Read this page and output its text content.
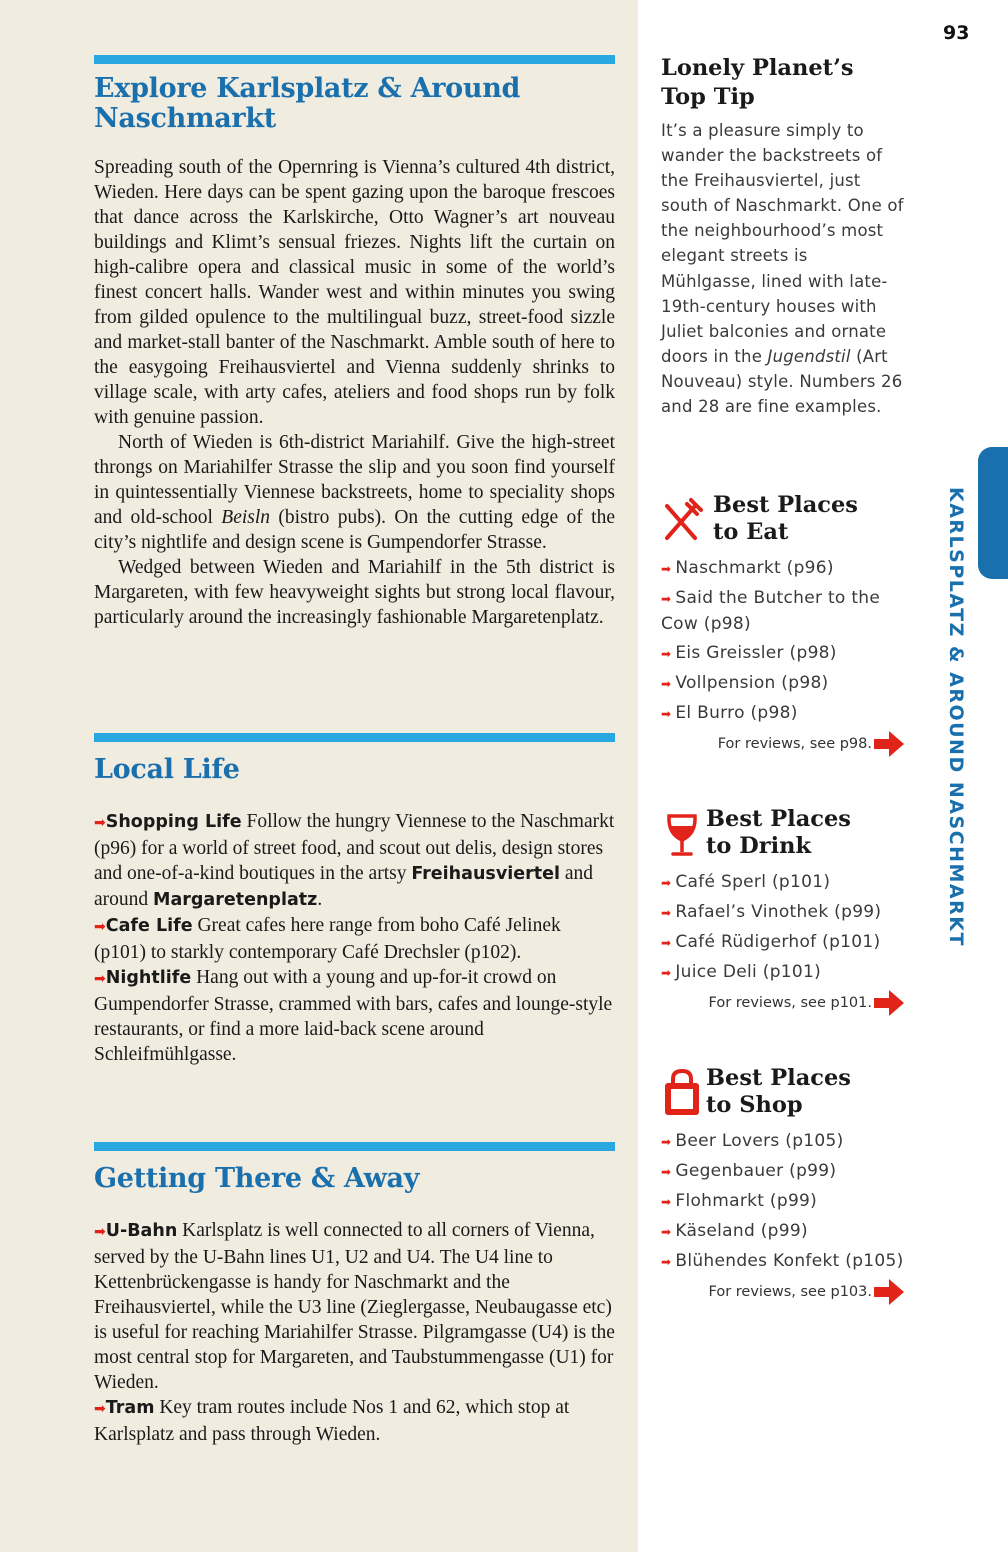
Explore Karlsplatz & Around
Naschmarkt

Spreading south of the Opernring is Vienna’s cultured 4th district, Wieden. Here days can be spent gazing upon the baroque frescoes that dance across the Karlskirche, Otto Wagner’s art nouveau buildings and Klimt’s sensual friezes. Nights lift the curtain on high-calibre opera and classical music in some of the world’s finest concert halls. Wander west and within minutes you swing from gilded opulence to the multilingual buzz, street-food sizzle and market-stall banter of the Naschmarkt. Amble south of here to the easygoing Freihausviertel and Vienna suddenly shrinks to village scale, with arty cafes, ateliers and food shops run by folk with genuine passion.

North of Wieden is 6th-district Mariahilf. Give the high-street throngs on Mariahilfer Strasse the slip and you soon find yourself in quintessentially Viennese backstreets, home to speciality shops and old-school Beisln (bistro pubs). On the cutting edge of the city’s nightlife and design scene is Gumpendorfer Strasse.

Wedged between Wieden and Mariahilf in the 5th district is Margareten, with few heavyweight sights but strong local flavour, particularly around the increasingly fashionable Margaretenplatz.

Local Life

➡Shopping Life Follow the hungry Viennese to the Naschmarkt (p96) for a world of street food, and scout out delis, design stores and one-of-a-kind boutiques in the artsy Freihausviertel and around Margaretenplatz.

➡Cafe Life Great cafes here range from boho Café Jelinek (p101) to starkly contemporary Café Drechsler (p102).

➡Nightlife Hang out with a young and up-for-it crowd on Gumpendorfer Strasse, crammed with bars, cafes and lounge-style restaurants, or find a more laid-back scene around Schleifmühlgasse.

Getting There & Away

➡U-Bahn Karlsplatz is well connected to all corners of Vienna, served by the U-Bahn lines U1, U2 and U4. The U4 line to Kettenbrückengasse is handy for Naschmarkt and the Freihausviertel, while the U3 line (Zieglergasse, Neubaugasse etc) is useful for reaching Mariahilfer Strasse. Pilgramgasse (U4) is the most central stop for Margareten, and Taubstummengasse (U1) for Wieden.

➡Tram Key tram routes include Nos 1 and 62, which stop at Karlsplatz and pass through Wieden.

93
Lonely Planet’s
Top Tip

It’s a pleasure simply to wander the backstreets of the Freihausviertel, just south of Naschmarkt. One of the neighbourhood’s most elegant streets is Mühlgasse, lined with late-19th-century houses with Juliet balconies and ornate doors in the Jugendstil (Art Nouveau) style. Numbers 26 and 28 are fine examples.

Best Places
to Eat
➡ Naschmarkt (p96)
➡ Said the Butcher to the Cow (p98)
➡ Eis Greissler (p98)
➡ Vollpension (p98)
➡ El Burro (p98)
For reviews, see p98.
Best Places
to Drink
➡ Café Sperl (p101)
➡ Rafael’s Vinothek (p99)
➡ Café Rüdigerhof (p101)
➡ Juice Deli (p101)
For reviews, see p101.
Best Places
to Shop
➡ Beer Lovers (p105)
➡ Gegenbauer (p99)
➡ Flohmarkt (p99)
➡ Käseland (p99)
➡ Blühendes Konfekt (p105)
For reviews, see p103.
KARLSPLATZ & AROUND NASCHMARKT
